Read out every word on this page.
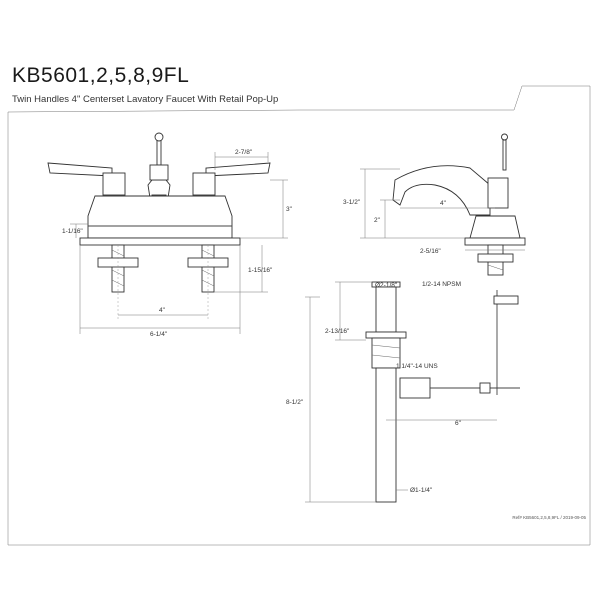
KB5601,2,5,8,9FL
Twin Handles 4" Centerset Lavatory Faucet With Retail Pop-Up
2-7/8"
3"
1-1/16"
1-15/16"
4"
6-1/4"
3-1/2"
2"
4"
2-5/16"
Ø2-1/8"
2-13/16"
1 1/4"-14 UNS
1/2-14 NPSM
8-1/2"
6"
Ø1-1/4"
Ref# KB5601,2,5,8,9FL / 2019-09-05
